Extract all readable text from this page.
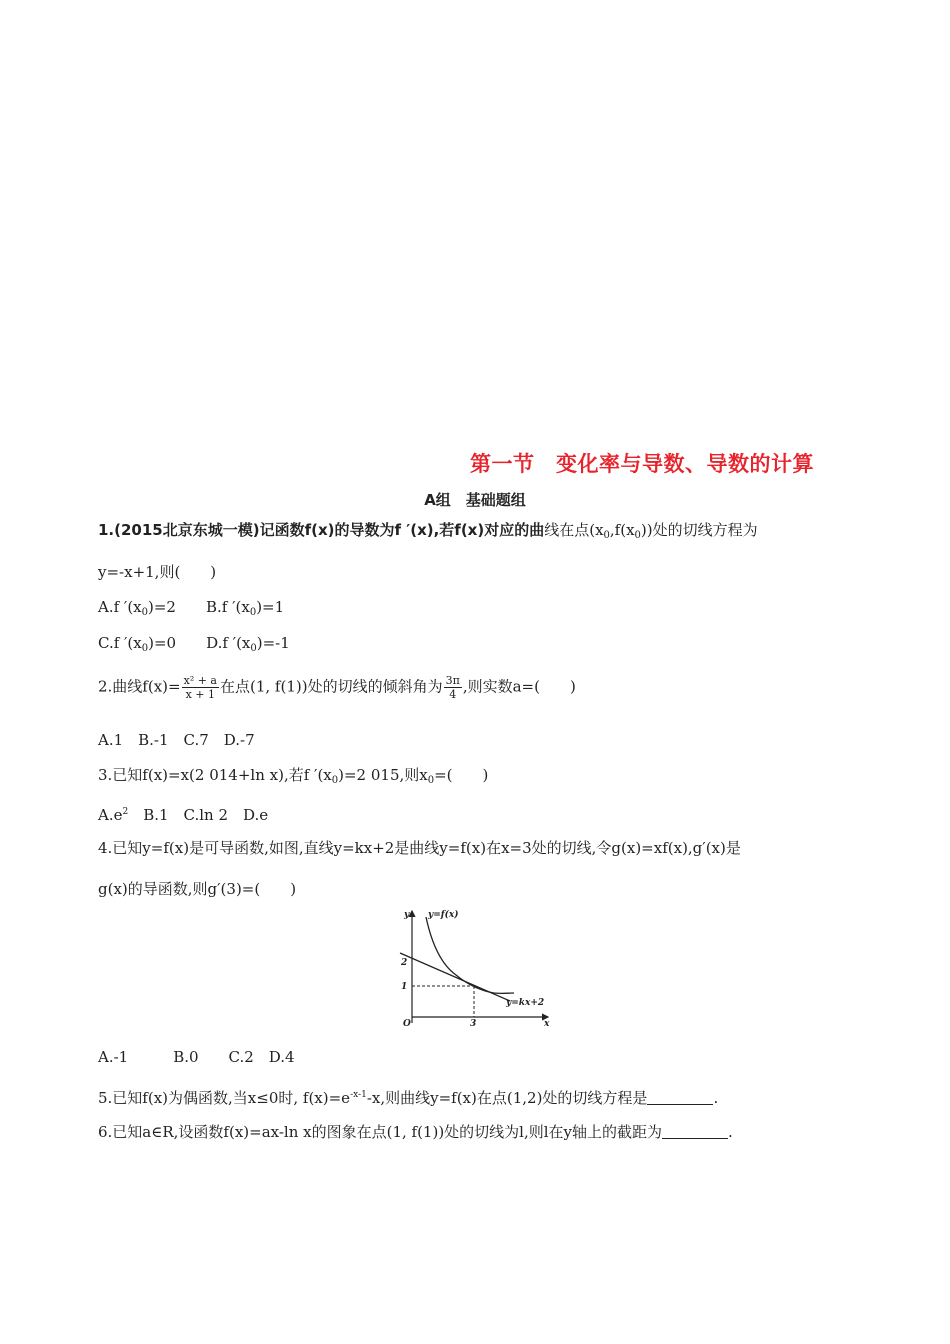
第一节　变化率与导数、导数的计算
A组　基础题组
1.(2015北京东城一模)记函数f(x)的导数为f ′(x),若f(x)对应的曲线在点$(x_0,f(x_0))$处的切线方程为
y=-x+1,则(　　)
A.f $'(x_0)=2$　　B.f $'(x_0)=1$
C.f $'(x_0)=0$　　D.f $'(x_0)=-1$
2.曲线$f(x)= \frac{\text{x² + a}}{x + 1}$ 在点(1, f(1))处的切线的倾斜角为 $\frac{3\pi}{4}$ ,则实数a=(　　)
A.1　B.-1　C.7　D.-7
3.已知f(x)=x(2 014+ln x),若f $'(x_0)=2$ 015,则$x_0=$(　　)
$A.e^2$　B.1　C.ln 2　D.e
4.已知y=f(x)是可导函数,如图,直线y=kx+2是曲线y=f(x)在x=3处的切线,令g(x)=xf(x),g′(x)是
g(x)的导函数,则g′(3)=(　　)
y
x
y=f(x)
y=kx+2
2
1
3
O
A.-1　　　B.0　　C.2　D.4
5.已知f(x)为偶函数,当x≤0时, $f(x)=e^{-x-1}-x$,则曲线y=f(x)在点(1,2)处的切线方程是	.
6.已知a∈R,设函数f(x)=ax-ln x的图象在点(1, f(1))处的切线为l,则l在y轴上的截距为	.
